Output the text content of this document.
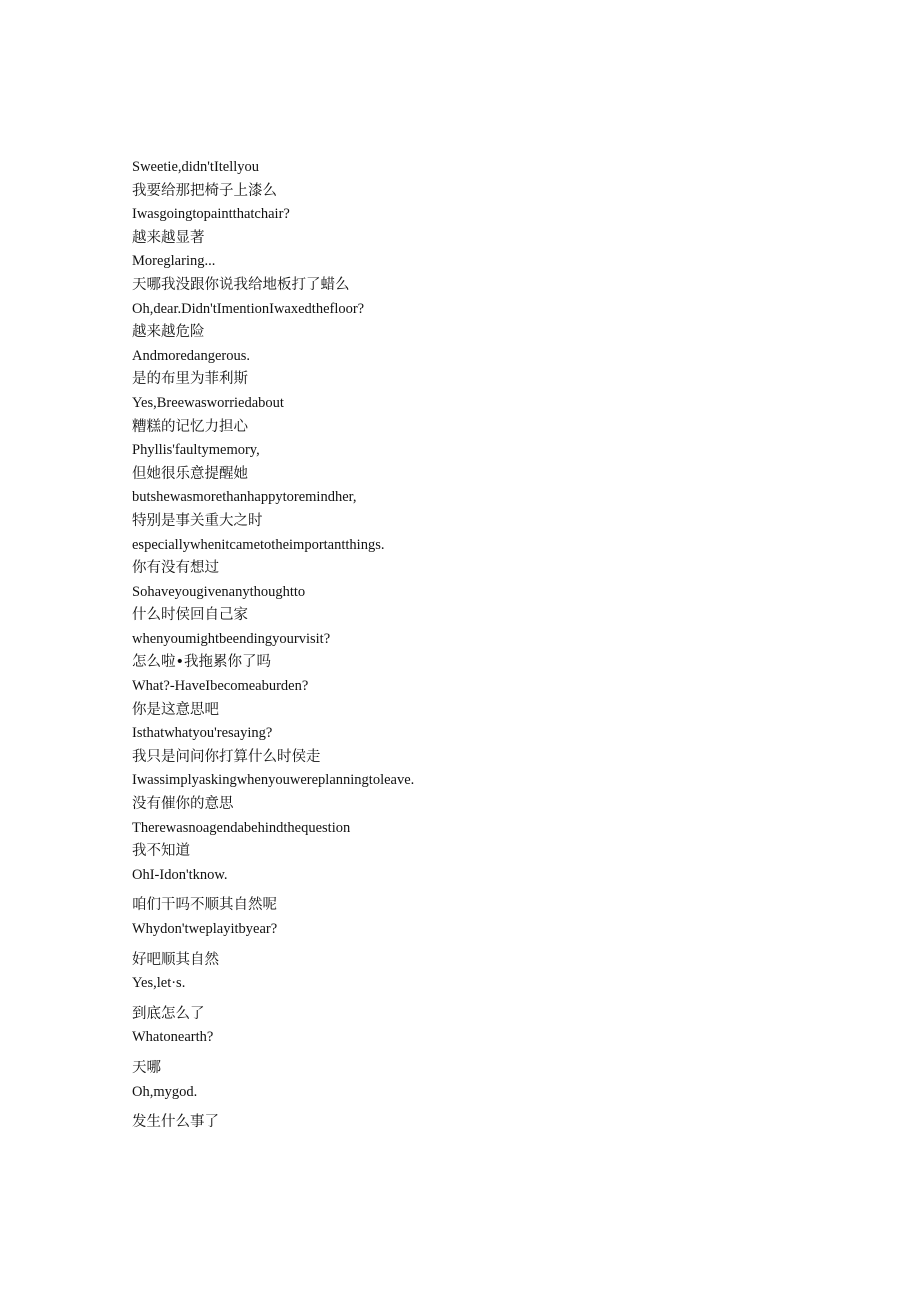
Sweetie,didn'tItellyou
我要给那把椅子上漆么
Iwasgoingtopaintthatchair?
越来越显著
Moreglaring...
天哪我没跟你说我给地板打了蜡么
Oh,dear.Didn'tImentionIwaxedthefloor?
越来越危险
Andmoredangerous.
是的布里为菲利斯
Yes,Breewasworriedabout
糟糕的记忆力担心
Phyllis'faultymemory,
但她很乐意提醒她
butshewasmorethanhappytoremindher,
特别是事关重大之时
especiallywhenitcametotheimportantthings.
你有没有想过
Sohaveyougivenanythoughtto
什么时侯回自己家
whenyoumightbeendingyourvisit?
怎么啦•我拖累你了吗
What?-HaveIbecomeaburden?
你是这意思吧
Isthatwhatyou'resaying?
我只是问问你打算什么时侯走
Iwassimplyaskingwhenyouwereplanningtoleave.
没有催你的意思
Therewasnoagendabehindthequestion
我不知道
OhI-Idon'tknow.
咱们干吗不顺其自然呢
Whydon'tweplayitbyear?
好吧顺其自然
Yes,let·s.
到底怎么了
Whatonearth?
天哪
Oh,mygod.
发生什么事了
